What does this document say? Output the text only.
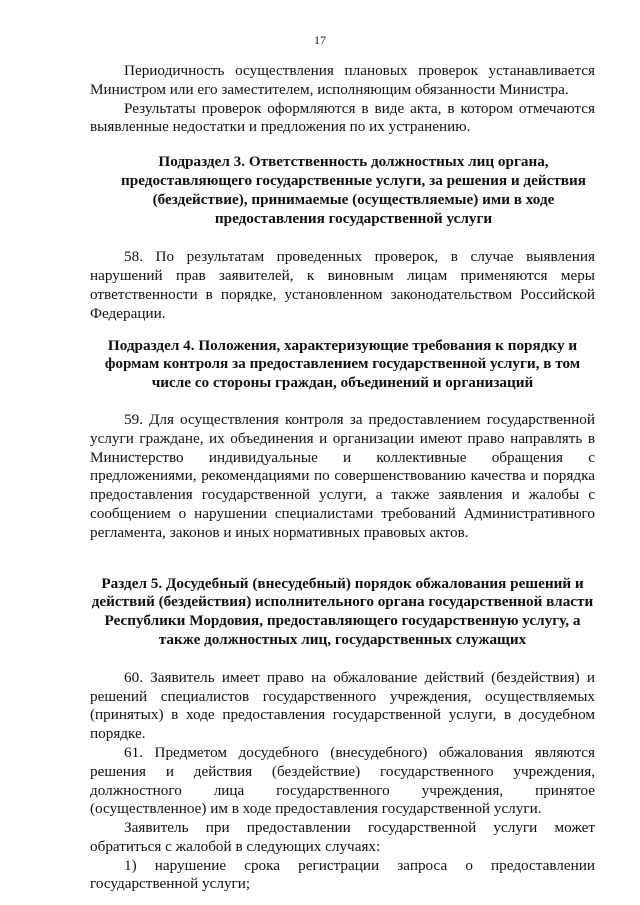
17

Периодичность осуществления плановых проверок устанавливается Министром или его заместителем, исполняющим обязанности Министра.

Результаты проверок оформляются в виде акта, в котором отмечаются выявленные недостатки и предложения по их устранению.

Подраздел 3. Ответственность должностных лиц органа, предоставляющего государственные услуги, за решения и действия (бездействие), принимаемые (осуществляемые) ими в ходе предоставления государственной услуги

58. По результатам проведенных проверок, в случае выявления нарушений прав заявителей, к виновным лицам применяются меры ответственности в порядке, установленном законодательством Российской Федерации.

Подраздел 4. Положения, характеризующие требования к порядку и формам контроля за предоставлением государственной услуги, в том числе со стороны граждан, объединений и организаций

59. Для осуществления контроля за предоставлением государственной услуги граждане, их объединения и организации имеют право направлять в Министерство индивидуальные и коллективные обращения с предложениями, рекомендациями по совершенствованию качества и порядка предоставления государственной услуги, а также заявления и жалобы с сообщением о нарушении специалистами требований Административного регламента, законов и иных нормативных правовых актов.

Раздел 5. Досудебный (внесудебный) порядок обжалования решений и действий (бездействия) исполнительного органа государственной власти Республики Мордовия, предоставляющего государственную услугу, а также должностных лиц, государственных служащих

60. Заявитель имеет право на обжалование действий (бездействия) и решений специалистов государственного учреждения, осуществляемых (принятых) в ходе предоставления государственной услуги, в досудебном порядке.

61. Предметом досудебного (внесудебного) обжалования являются решения и действия (бездействие) государственного учреждения, должностного лица государственного учреждения, принятое (осуществленное) им в ходе предоставления государственной услуги.

Заявитель при предоставлении государственной услуги может обратиться с жалобой в следующих случаях:

1) нарушение срока регистрации запроса о предоставлении государственной услуги;
